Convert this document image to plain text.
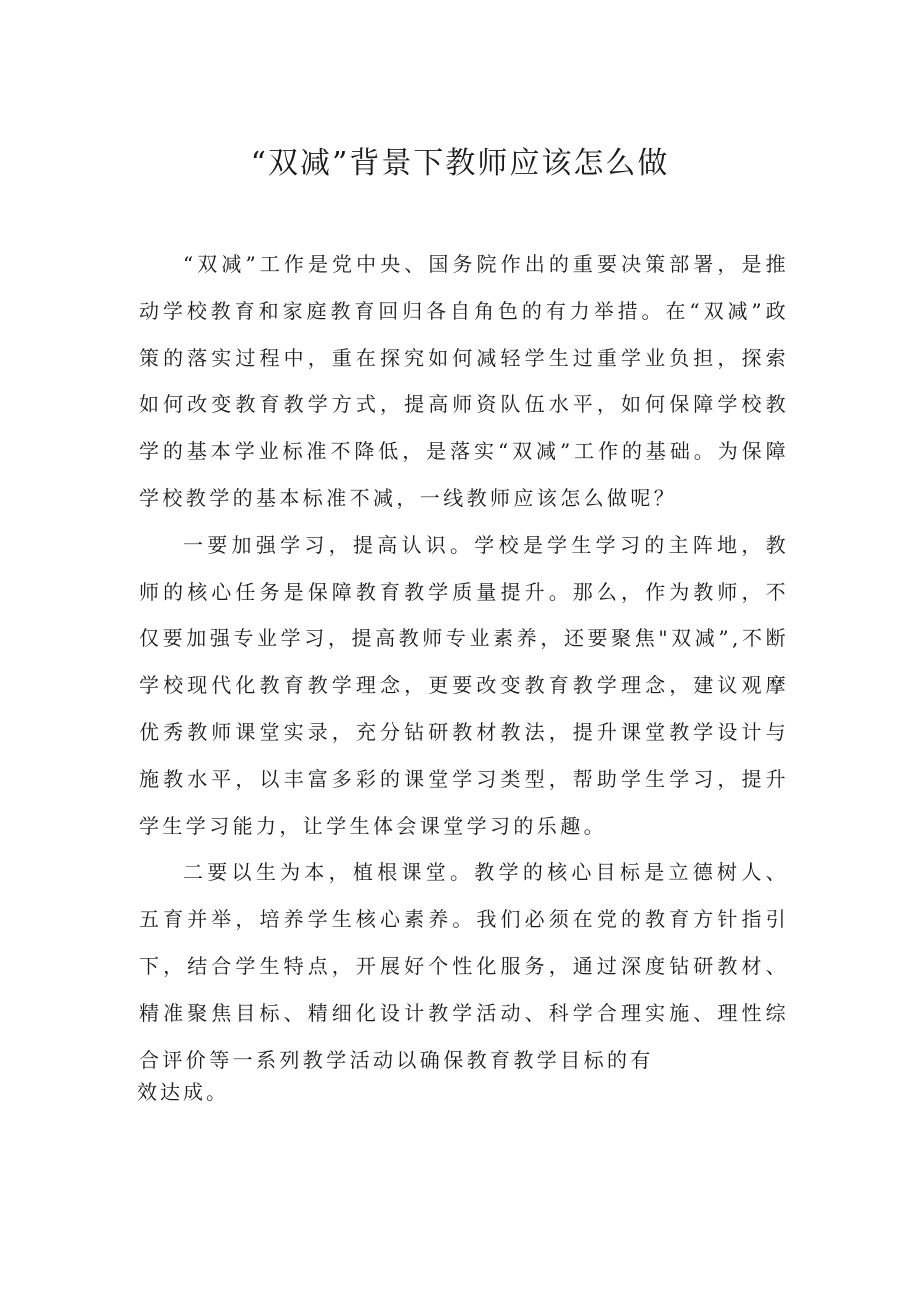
“双减”背景下教师应该怎么做

“双减”工作是党中央、国务院作出的重要决策部署，是推动学校教育和家庭教育回归各自角色的有力举措。在“双减”政策的落实过程中，重在探究如何减轻学生过重学业负担，探索如何改变教育教学方式，提高师资队伍水平，如何保障学校教学的基本学业标准不降低，是落实“双减”工作的基础。为保障学校教学的基本标准不减，一线教师应该怎么做呢？

一要加强学习，提高认识。学校是学生学习的主阵地，教师的核心任务是保障教育教学质量提升。那么，作为教师，不仅要加强专业学习，提高教师专业素养，还要聚焦"双减”,不断学校现代化教育教学理念，更要改变教育教学理念，建议观摩优秀教师课堂实录，充分钻研教材教法，提升课堂教学设计与施教水平，以丰富多彩的课堂学习类型，帮助学生学习，提升学生学习能力，让学生体会课堂学习的乐趣。

二要以生为本，植根课堂。教学的核心目标是立德树人、五育并举，培养学生核心素养。我们必须在党的教育方针指引下，结合学生特点，开展好个性化服务，通过深度钻研教材、精准聚焦目标、精细化设计教学活动、科学合理实施、理性综合评价等一系列教学活动以确保教育教学目标的有

效达成。
